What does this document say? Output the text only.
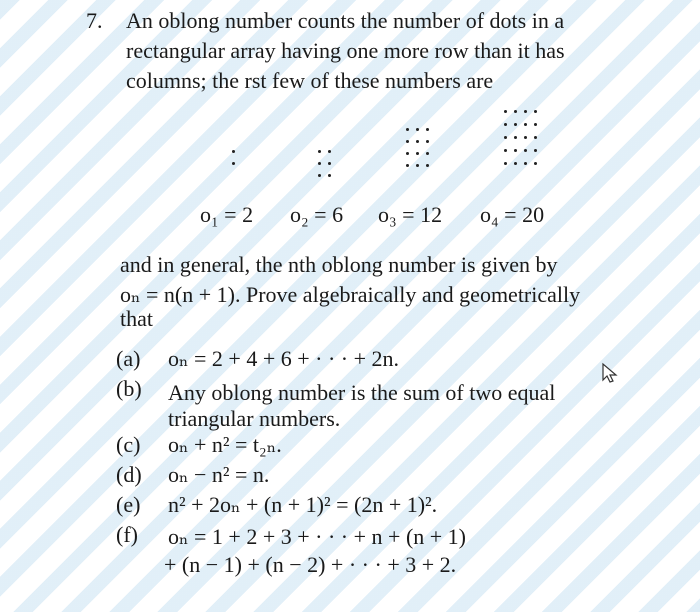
7. An oblong number counts the number of dots in a
rectangular array having one more row than it has
columns; the rst few of these numbers are
o₁ = 2 o₂ = 6 o₃ = 12 o₄ = 20
and in general, the nth oblong number is given by
oₙ = n(n + 1). Prove algebraically and geometrically
that
(a) oₙ = 2 + 4 + 6 + · · · + 2n.
(b) Any oblong number is the sum of two equal
triangular numbers.
(c) oₙ + n² = t₂ₙ.
(d) oₙ − n² = n.
(e) n² + 2oₙ + (n + 1)² = (2n + 1)².
(f) oₙ = 1 + 2 + 3 + · · · + n + (n + 1)
+ (n − 1) + (n − 2) + · · · + 3 + 2.
